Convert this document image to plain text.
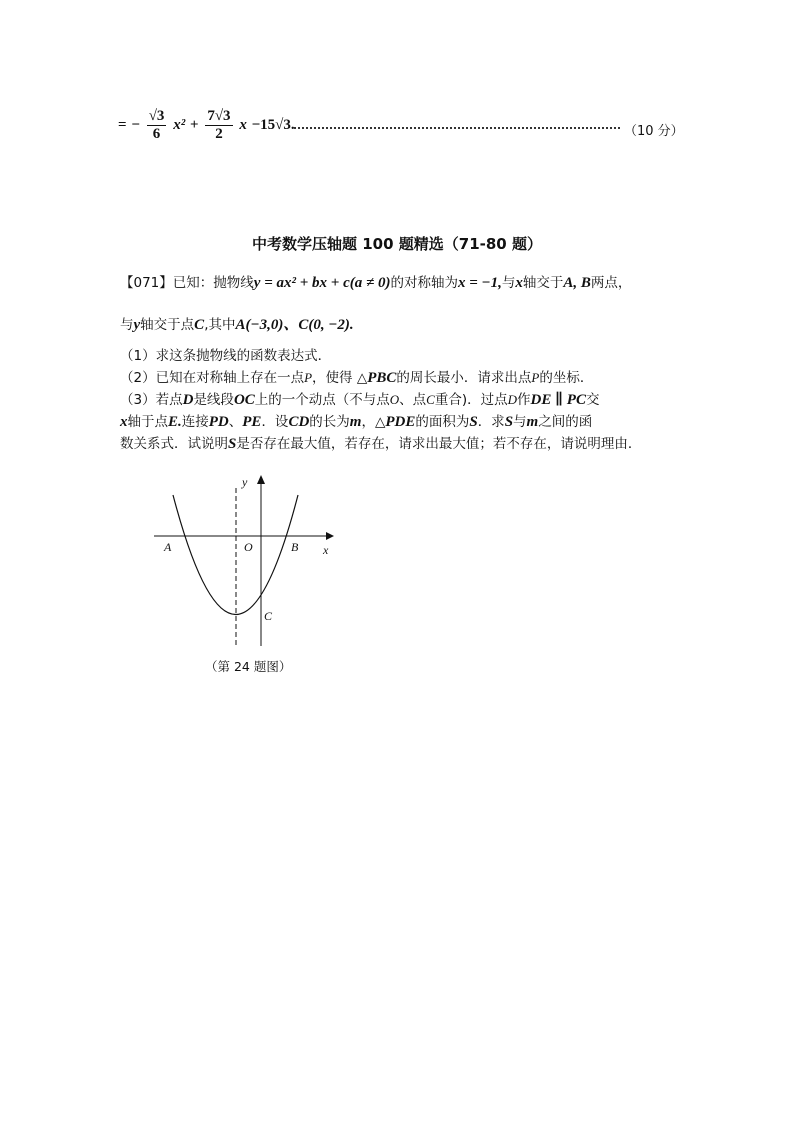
= − $\frac{√3}{6} x^2 + \frac{7√3}{2}$ x −15√3.	（10 分）
中考数学压轴题 100 题精选（71-80 题）
【071】已知：抛物线y = ax² + bx + c(a ≠ 0)的对称轴为x = −1,与x轴交于A, B两点，
与y轴交于点C,其中A(−3,0)、C(0, −2).
（1）求这条抛物线的函数表达式．
（2）已知在对称轴上存在一点P，使得 △PBC的周长最小．请求出点P的坐标．
（3）若点D是线段OC上的一个动点（不与点O、点C重合)．过点D作DE ∥ PC交
x轴于点E.连接PD、PE．设CD的长为m，△PDE的面积为S．求S与m之间的函
数关系式．试说明S是否存在最大值，若存在，请求出最大值；若不存在，请说明理由．
y
x
A	O	B
C
（第 24 题图）
